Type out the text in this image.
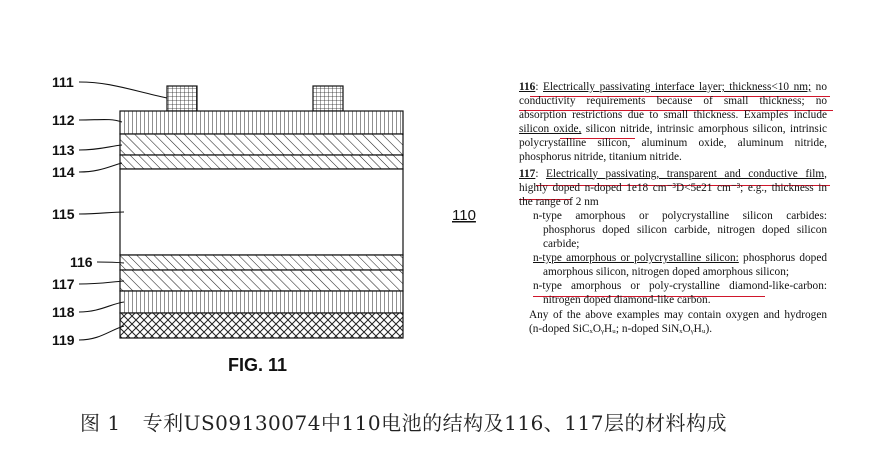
111
112
113
114
115
116
117
118
119
110
FIG. 11

116: Electrically passivating interface layer; thickness<10 nm; no conductivity requirements because of small thickness; no absorption restrictions due to small thickness. Examples include silicon oxide, silicon nitride, intrinsic amorphous silicon, intrinsic polycrystalline silicon, aluminum oxide, aluminum nitride, phosphorus nitride, titanium nitride.

117: Electrically passivating, transparent and conductive film, highly doped n-doped 1e18 cm⁻³D<5e21 cm⁻³; e.g., thickness in the range of 2 nm

n-type amorphous or polycrystalline silicon carbides: phosphorus doped silicon carbide, nitrogen doped silicon carbide;

n-type amorphous or polycrystalline silicon: phosphorus doped amorphous silicon, nitrogen doped amorphous silicon;

n-type amorphous or poly-crystalline diamond-like-carbon: nitrogen doped diamond-like carbon.

Any of the above examples may contain oxygen and hydrogen (n-doped SiCₓOᵧHᵤ; n-doped SiNₓOᵧHᵤ).

图 1 专利US09130074中110电池的结构及116、117层的材料构成
